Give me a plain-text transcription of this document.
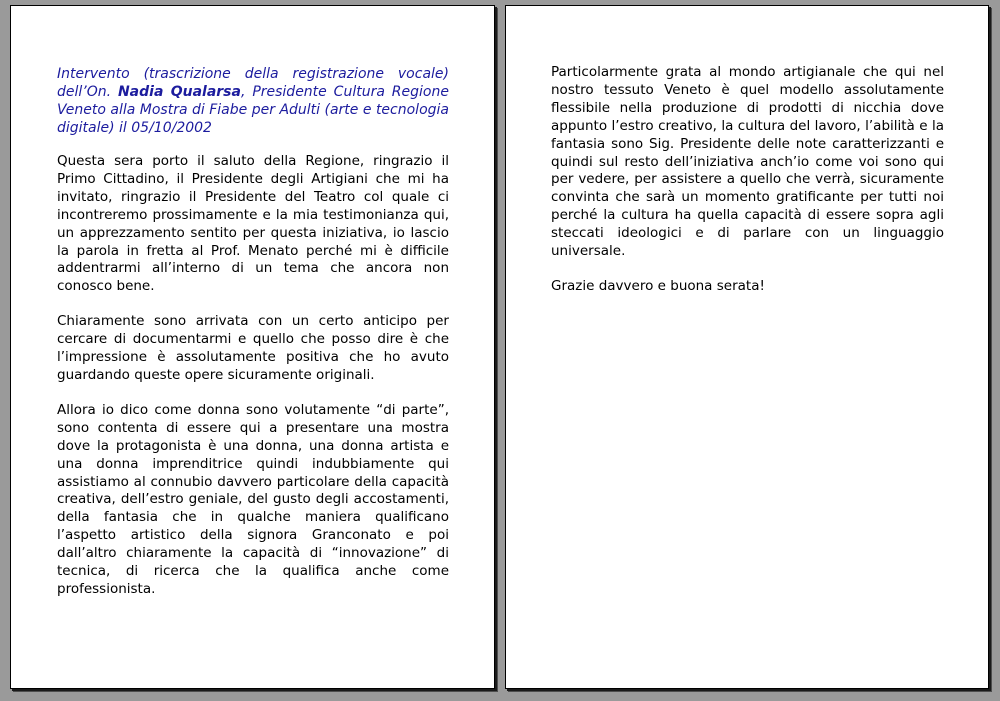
Intervento (trascrizione della registrazione vocale) dell’On. Nadia Qualarsa, Presidente Cultura Regione Veneto alla Mostra di Fiabe per Adulti (arte e tecnologia digitale) il 05/10/2002

Questa sera porto il saluto della Regione, ringrazio il Primo Cittadino, il Presidente degli Artigiani che mi ha invitato, ringrazio il Presidente del Teatro col quale ci incontreremo prossimamente e la mia testimonianza qui, un apprezzamento sentito per questa iniziativa, io lascio la parola in fretta al Prof. Menato perché mi è difficile addentrarmi all’interno di un tema che ancora non conosco bene.

Chiaramente sono arrivata con un certo anticipo per cercare di documentarmi e quello che posso dire è che l’impressione è assolutamente positiva che ho avuto guardando queste opere sicuramente originali.

Allora io dico come donna sono volutamente “di parte”, sono contenta di essere qui a presentare una mostra dove la protagonista è una donna, una donna artista e una donna imprenditrice quindi indubbiamente qui assistiamo al connubio davvero particolare della capacità creativa, dell’estro geniale, del gusto degli accostamenti, della fantasia che in qualche maniera qualificano l’aspetto artistico della signora Granconato e poi dall’altro chiaramente la capacità di “innovazione” di tecnica, di ricerca che la qualifica anche come professionista.

Particolarmente grata al mondo artigianale che qui nel nostro tessuto Veneto è quel modello assolutamente flessibile nella produzione di prodotti di nicchia dove appunto l’estro creativo, la cultura del lavoro, l’abilità e la fantasia sono Sig. Presidente delle note caratterizzanti e quindi sul resto dell’iniziativa anch’io come voi sono qui per vedere, per assistere a quello che verrà, sicuramente convinta che sarà un momento gratificante per tutti noi perché la cultura ha quella capacità di essere sopra agli steccati ideologici e di parlare con un linguaggio universale.

Grazie davvero e buona serata!
